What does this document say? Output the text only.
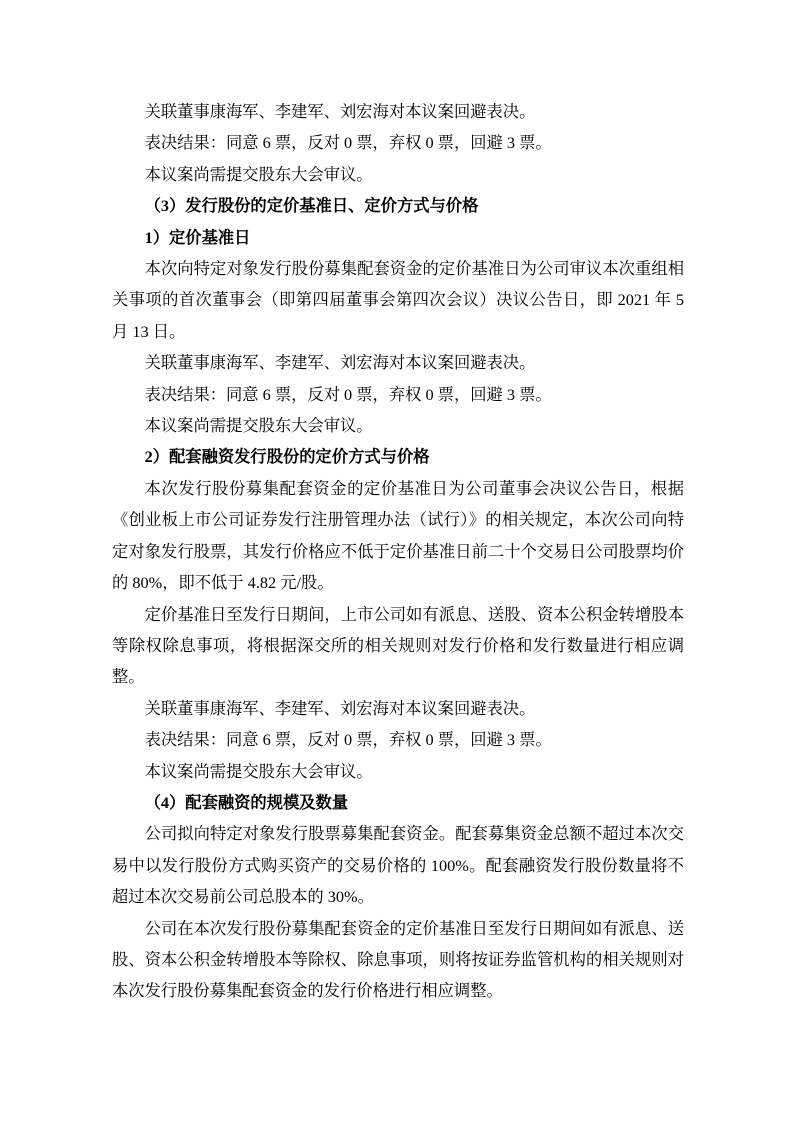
关联董事康海军、李建军、刘宏海对本议案回避表决。

表决结果：同意 6 票，反对 0 票，弃权 0 票，回避 3 票。

本议案尚需提交股东大会审议。

（3）发行股份的定价基准日、定价方式与价格

1）定价基准日

本次向特定对象发行股份募集配套资金的定价基准日为公司审议本次重组相关事项的首次董事会（即第四届董事会第四次会议）决议公告日，即 2021 年 5 月 13 日。

关联董事康海军、李建军、刘宏海对本议案回避表决。

表决结果：同意 6 票，反对 0 票，弃权 0 票，回避 3 票。

本议案尚需提交股东大会审议。

2）配套融资发行股份的定价方式与价格

本次发行股份募集配套资金的定价基准日为公司董事会决议公告日，根据《创业板上市公司证券发行注册管理办法（试行）》的相关规定，本次公司向特定对象发行股票，其发行价格应不低于定价基准日前二十个交易日公司股票均价的 80%，即不低于 4.82 元/股。

定价基准日至发行日期间，上市公司如有派息、送股、资本公积金转增股本等除权除息事项，将根据深交所的相关规则对发行价格和发行数量进行相应调整。

关联董事康海军、李建军、刘宏海对本议案回避表决。

表决结果：同意 6 票，反对 0 票，弃权 0 票，回避 3 票。

本议案尚需提交股东大会审议。

（4）配套融资的规模及数量

公司拟向特定对象发行股票募集配套资金。配套募集资金总额不超过本次交易中以发行股份方式购买资产的交易价格的 100%。配套融资发行股份数量将不超过本次交易前公司总股本的 30%。

公司在本次发行股份募集配套资金的定价基准日至发行日期间如有派息、送股、资本公积金转增股本等除权、除息事项，则将按证券监管机构的相关规则对本次发行股份募集配套资金的发行价格进行相应调整。
